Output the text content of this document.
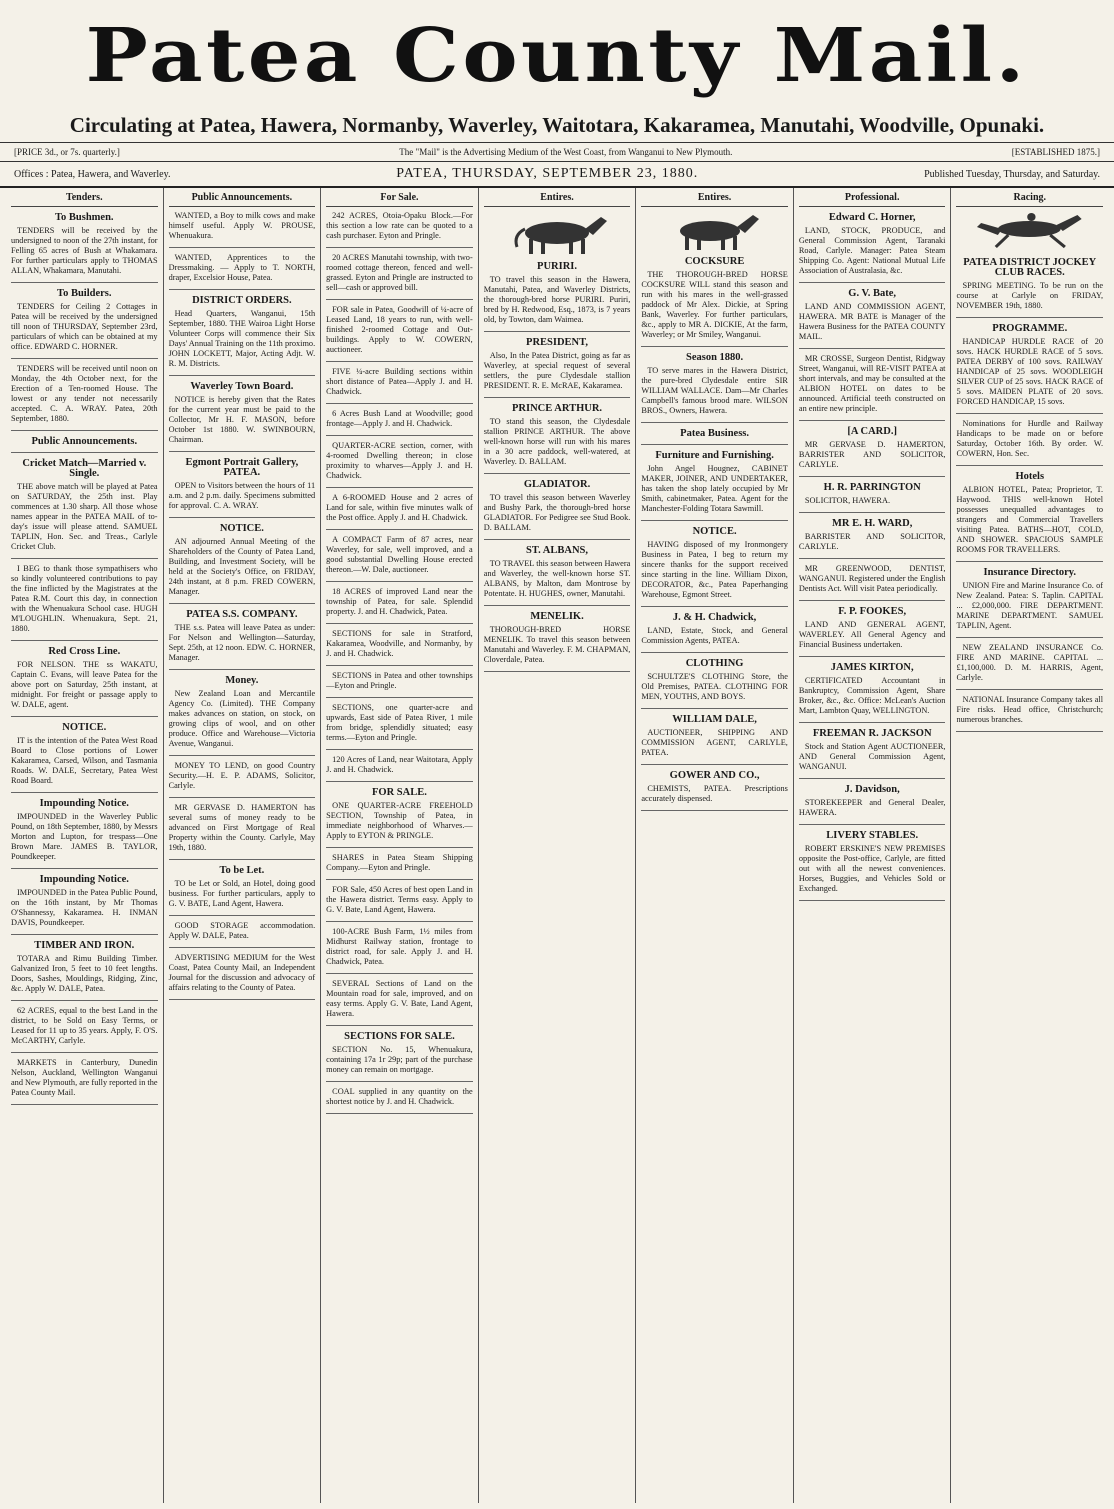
Patea County Mail.
Circulating at Patea, Hawera, Normanby, Waverley, Waitotara, Kakaramea, Manutahi, Woodville, Opunaki.
[PRICE 3d., or 7s. quarterly.]	The "Mail" is the Advertising Medium of the West Coast, from Wanganui to New Plymouth.	[ESTABLISHED 1875.]
Offices : Patea, Hawera, and Waverley.	PATEA, THURSDAY, SEPTEMBER 23, 1880.	Published Tuesday, Thursday, and Saturday.
Tenders.
To Bushmen.

TENDERS will be received by the undersigned to noon of the 27th instant, for Felling 65 acres of Bush at Whakamara. For further particulars apply to THOMAS ALLAN, Whakamara, Manutahi.

To Builders.

TENDERS for Ceiling 2 Cottages in Patea will be received by the undersigned till noon of THURSDAY, September 23rd, particulars of which can be obtained at my office. EDWARD C. HORNER.

TENDERS will be received until noon on Monday, the 4th October next, for the Erection of a Ten-roomed House. The lowest or any tender not necessarily accepted. C. A. WRAY. Patea, 20th September, 1880.

Public Announcements.
Cricket Match—Married v. Single.

THE above match will be played at Patea on SATURDAY, the 25th inst. Play commences at 1.30 sharp. All those whose names appear in the PATEA MAIL of to-day's issue will please attend. SAMUEL TAPLIN, Hon. Sec. and Treas., Carlyle Cricket Club.

I BEG to thank those sympathisers who so kindly volunteered contributions to pay the fine inflicted by the Magistrates at the Patea R.M. Court this day, in connection with the Whenuakura School case. HUGH M'LOUGHLIN. Whenuakura, Sept. 21, 1880.

Red Cross Line.

FOR NELSON. THE ss WAKATU, Captain C. Evans, will leave Patea for the above port on Saturday, 25th instant, at midnight. For freight or passage apply to W. DALE, agent.

NOTICE.

IT is the intention of the Patea West Road Board to Close portions of Lower Kakaramea, Carsed, Wilson, and Tasmania Roads. W. DALE, Secretary, Patea West Road Board.

Impounding Notice.

IMPOUNDED in the Waverley Public Pound, on 18th September, 1880, by Messrs Morton and Lupton, for trespass—One Brown Mare. JAMES B. TAYLOR, Poundkeeper.

Impounding Notice.

IMPOUNDED in the Patea Public Pound, on the 16th instant, by Mr Thomas O'Shannessy, Kakaramea. H. INMAN DAVIS, Poundkeeper.

TIMBER AND IRON.

TOTARA and Rimu Building Timber. Galvanized Iron, 5 feet to 10 feet lengths. Doors, Sashes, Mouldings, Ridging, Zinc, &c. Apply W. DALE, Patea.

62 ACRES, equal to the best Land in the district, to be Sold on Easy Terms, or Leased for 11 up to 35 years. Apply, F. O'S. McCARTHY, Carlyle.

MARKETS in Canterbury, Dunedin Nelson, Auckland, Wellington Wanganui and New Plymouth, are fully reported in the Patea County Mail.

Public Announcements.

WANTED, a Boy to milk cows and make himself useful. Apply W. PROUSE, Whenuakura.

WANTED, Apprentices to the Dressmaking. — Apply to T. NORTH, draper, Excelsior House, Patea.

DISTRICT ORDERS.

Head Quarters, Wanganui, 15th September, 1880. THE Wairoa Light Horse Volunteer Corps will commence their Six Days' Annual Training on the 11th proximo. JOHN LOCKETT, Major, Acting Adjt. W. R. M. Districts.

Waverley Town Board.

NOTICE is hereby given that the Rates for the current year must be paid to the Collector, Mr H. F. MASON, before October 1st 1880. W. SWINBOURN, Chairman.

Egmont Portrait Gallery, PATEA.

OPEN to Visitors between the hours of 11 a.m. and 2 p.m. daily. Specimens submitted for approval. C. A. WRAY.

NOTICE.

AN adjourned Annual Meeting of the Shareholders of the County of Patea Land, Building, and Investment Society, will be held at the Society's Office, on FRIDAY, 24th instant, at 8 p.m. FRED COWERN, Manager.

PATEA S.S. COMPANY.

THE s.s. Patea will leave Patea as under: For Nelson and Wellington—Saturday, Sept. 25th, at 12 noon. EDW. C. HORNER, Manager.

Money.

New Zealand Loan and Mercantile Agency Co. (Limited). THE Company makes advances on station, on stock, on growing clips of wool, and on other produce. Office and Warehouse—Victoria Avenue, Wanganui.

MONEY TO LEND, on good Country Security.—H. E. P. ADAMS, Solicitor, Carlyle.

MR GERVASE D. HAMERTON has several sums of money ready to be advanced on First Mortgage of Real Property within the County. Carlyle, May 19th, 1880.

To be Let.

TO be Let or Sold, an Hotel, doing good business. For further particulars, apply to G. V. BATE, Land Agent, Hawera.

GOOD STORAGE accommodation. Apply W. DALE, Patea.

ADVERTISING MEDIUM for the West Coast, Patea County Mail, an Independent Journal for the discussion and advocacy of affairs relating to the County of Patea.

For Sale.

242 ACRES, Otoia-Opaku Block.—For this section a low rate can be quoted to a cash purchaser. Eyton and Pringle.

20 ACRES Manutahi township, with two-roomed cottage thereon, fenced and well-grassed. Eyton and Pringle are instructed to sell—cash or approved bill.

FOR sale in Patea, Goodwill of ¼-acre of Leased Land, 18 years to run, with well-finished 2-roomed Cottage and Out-buildings. Apply to W. COWERN, auctioneer.

FIVE ¼-acre Building sections within short distance of Patea—Apply J. and H. Chadwick.

6 Acres Bush Land at Woodville; good frontage—Apply J. and H. Chadwick.

QUARTER-ACRE section, corner, with 4-roomed Dwelling thereon; in close proximity to wharves—Apply J. and H. Chadwick.

A 6-ROOMED House and 2 acres of Land for sale, within five minutes walk of the Post office. Apply J. and H. Chadwick.

A COMPACT Farm of 87 acres, near Waverley, for sale, well improved, and a good substantial Dwelling House erected thereon.—W. Dale, auctioneer.

18 ACRES of improved Land near the township of Patea, for sale. Splendid property. J. and H. Chadwick, Patea.

SECTIONS for sale in Stratford, Kakaramea, Woodville, and Normanby, by J. and H. Chadwick.

SECTIONS in Patea and other townships—Eyton and Pringle.

SECTIONS, one quarter-acre and upwards, East side of Patea River, 1 mile from bridge, splendidly situated; easy terms.—Eyton and Pringle.

120 Acres of Land, near Waitotara, Apply J. and H. Chadwick.

FOR SALE.

ONE QUARTER-ACRE FREEHOLD SECTION, Township of Patea, in immediate neighborhood of Wharves.—Apply to EYTON & PRINGLE.

SHARES in Patea Steam Shipping Company.—Eyton and Pringle.

FOR Sale, 450 Acres of best open Land in the Hawera district. Terms easy. Apply to G. V. Bate, Land Agent, Hawera.

100-ACRE Bush Farm, 1½ miles from Midhurst Railway station, frontage to district road, for sale. Apply J. and H. Chadwick, Patea.

SEVERAL Sections of Land on the Mountain road for sale, improved, and on easy terms. Apply G. V. Bate, Land Agent, Hawera.

SECTIONS FOR SALE.

SECTION No. 15, Whenuakura, containing 17a 1r 29p; part of the purchase money can remain on mortgage.

COAL supplied in any quantity on the shortest notice by J. and H. Chadwick.

Entires.
PURIRI.

TO travel this season in the Hawera, Manutahi, Patea, and Waverley Districts, the thorough-bred horse PURIRI. Puriri, bred by H. Redwood, Esq., 1873, is 7 years old, by Towton, dam Waimea.

PRESIDENT,

Also, In the Patea District, going as far as Waverley, at special request of several settlers, the pure Clydesdale stallion PRESIDENT. R. E. McRAE, Kakaramea.

PRINCE ARTHUR.

TO stand this season, the Clydesdale stallion PRINCE ARTHUR. The above well-known horse will run with his mares in a 30 acre paddock, well-watered, at Waverley. D. BALLAM.

GLADIATOR.

TO travel this season between Waverley and Bushy Park, the thorough-bred horse GLADIATOR. For Pedigree see Stud Book. D. BALLAM.

ST. ALBANS,

TO TRAVEL this season between Hawera and Waverley, the well-known horse ST. ALBANS, by Malton, dam Montrose by Potentate. H. HUGHES, owner, Manutahi.

MENELIK.

THOROUGH-BRED HORSE MENELIK. To travel this season between Manutahi and Waverley. F. M. CHAPMAN, Cloverdale, Patea.

Entires.
COCKSURE

THE THOROUGH-BRED HORSE COCKSURE WILL stand this season and run with his mares in the well-grassed paddock of Mr Alex. Dickie, at Spring Bank, Waverley. For further particulars, &c., apply to MR A. DICKIE, At the farm, Waverley; or Mr Smiley, Wanganui.

Season 1880.

TO serve mares in the Hawera District, the pure-bred Clydesdale entire SIR WILLIAM WALLACE. Dam—Mr Charles Campbell's famous brood mare. WILSON BROS., Owners, Hawera.

Patea Business.
Furniture and Furnishing.

John Angel Hougnez, CABINET MAKER, JOINER, AND UNDERTAKER, has taken the shop lately occupied by Mr Smith, cabinetmaker, Patea. Agent for the Manchester-Folding Totara Sawmill.

NOTICE.

HAVING disposed of my Ironmongery Business in Patea, I beg to return my sincere thanks for the support received since starting in the line. William Dixon, DECORATOR, &c., Patea Paperhanging Warehouse, Egmont Street.

J. & H. Chadwick,

LAND, Estate, Stock, and General Commission Agents, PATEA.

CLOTHING

SCHULTZE'S CLOTHING Store, the Old Premises, PATEA. CLOTHING FOR MEN, YOUTHS, AND BOYS.

WILLIAM DALE,

AUCTIONEER, SHIPPING AND COMMISSION AGENT, CARLYLE, PATEA.

GOWER AND CO.,

CHEMISTS, PATEA. Prescriptions accurately dispensed.

Professional.
Edward C. Horner,

LAND, STOCK, PRODUCE, and General Commission Agent, Taranaki Road, Carlyle. Manager: Patea Steam Shipping Co. Agent: National Mutual Life Association of Australasia, &c.

G. V. Bate,

LAND AND COMMISSION AGENT, HAWERA. MR BATE is Manager of the Hawera Business for the PATEA COUNTY MAIL.

MR CROSSE, Surgeon Dentist, Ridgway Street, Wanganui, will RE-VISIT PATEA at short intervals, and may be consulted at the ALBION HOTEL on dates to be announced. Artificial teeth constructed on an entire new principle.

[A CARD.]

MR GERVASE D. HAMERTON, BARRISTER AND SOLICITOR, CARLYLE.

H. R. PARRINGTON

SOLICITOR, HAWERA.

MR E. H. WARD,

BARRISTER AND SOLICITOR, CARLYLE.

MR GREENWOOD, DENTIST, WANGANUI. Registered under the English Dentists Act. Will visit Patea periodically.

F. P. FOOKES,

LAND AND GENERAL AGENT, WAVERLEY. All General Agency and Financial Business undertaken.

JAMES KIRTON,

CERTIFICATED Accountant in Bankruptcy, Commission Agent, Share Broker, &c., &c. Office: McLean's Auction Mart, Lambton Quay, WELLINGTON.

FREEMAN R. JACKSON

Stock and Station Agent AUCTIONEER, AND General Commission Agent, WANGANUI.

J. Davidson,

STOREKEEPER and General Dealer, HAWERA.

LIVERY STABLES.

ROBERT ERSKINE'S NEW PREMISES opposite the Post-office, Carlyle, are fitted out with all the newest conveniences. Horses, Buggies, and Vehicles Sold or Exchanged.

Racing.
PATEA DISTRICT JOCKEY CLUB RACES.

SPRING MEETING. To be run on the course at Carlyle on FRIDAY, NOVEMBER 19th, 1880.

PROGRAMME.

HANDICAP HURDLE RACE of 20 sovs. HACK HURDLE RACE of 5 sovs. PATEA DERBY of 100 sovs. RAILWAY HANDICAP of 25 sovs. WOODLEIGH SILVER CUP of 25 sovs. HACK RACE of 5 sovs. MAIDEN PLATE of 20 sovs. FORCED HANDICAP, 15 sovs.

Nominations for Hurdle and Railway Handicaps to be made on or before Saturday, October 16th. By order. W. COWERN, Hon. Sec.

Hotels

ALBION HOTEL, Patea; Proprietor, T. Haywood. THIS well-known Hotel possesses unequalled advantages to strangers and Commercial Travellers visiting Patea. BATHS—HOT, COLD, AND SHOWER. SPACIOUS SAMPLE ROOMS FOR TRAVELLERS.

Insurance Directory.

UNION Fire and Marine Insurance Co. of New Zealand. Patea: S. Taplin. CAPITAL ... £2,000,000. FIRE DEPARTMENT. MARINE DEPARTMENT. SAMUEL TAPLIN, Agent.

NEW ZEALAND INSURANCE Co. FIRE AND MARINE. CAPITAL ... £1,100,000. D. M. HARRIS, Agent, Carlyle.

NATIONAL Insurance Company takes all Fire risks. Head office, Christchurch; numerous branches.
